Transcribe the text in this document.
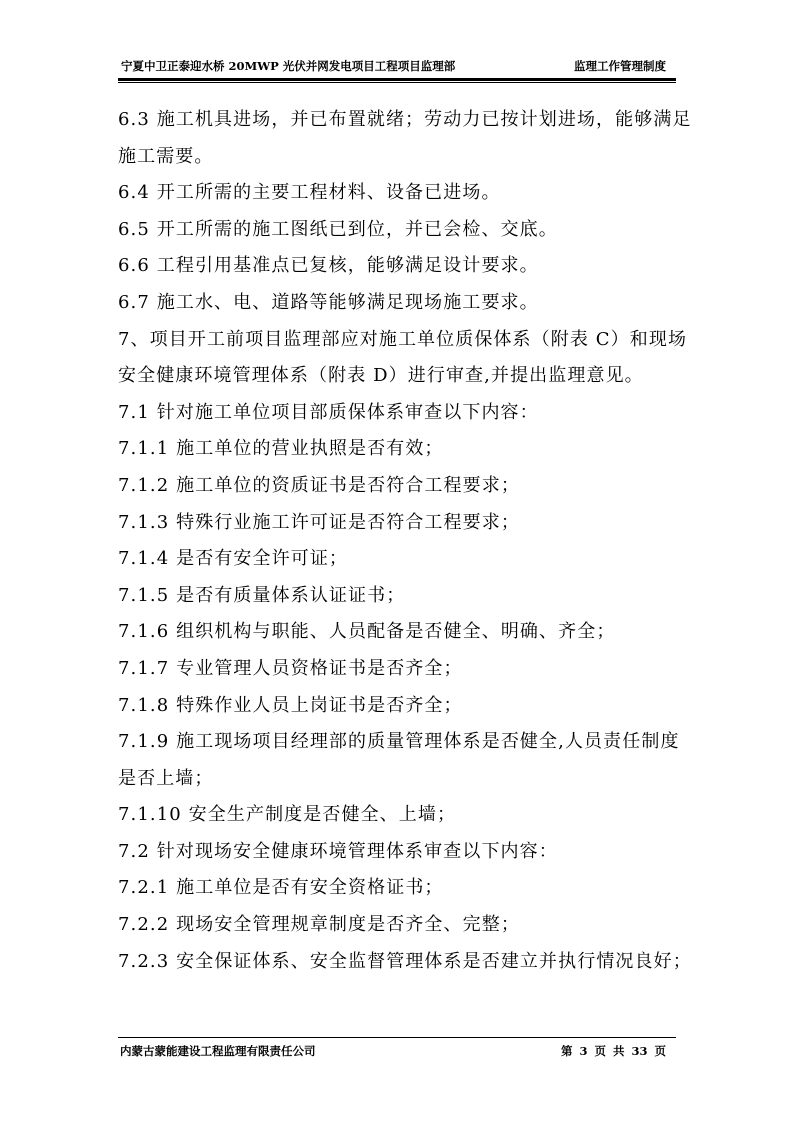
宁夏中卫正泰迎水桥 20MWP 光伏并网发电项目工程项目监理部	监理工作管理制度
6.3 施工机具进场，并已布置就绪；劳动力已按计划进场，能够满足
施工需要。
6.4 开工所需的主要工程材料、设备已进场。
6.5 开工所需的施工图纸已到位，并已会检、交底。
6.6 工程引用基准点已复核，能够满足设计要求。
6.7 施工水、电、道路等能够满足现场施工要求。
7、项目开工前项目监理部应对施工单位质保体系（附表 C）和现场
安全健康环境管理体系（附表 D）进行审查,并提出监理意见。
7.1 针对施工单位项目部质保体系审查以下内容：
7.1.1 施工单位的营业执照是否有效；
7.1.2 施工单位的资质证书是否符合工程要求；
7.1.3 特殊行业施工许可证是否符合工程要求；
7.1.4 是否有安全许可证；
7.1.5 是否有质量体系认证证书；
7.1.6 组织机构与职能、人员配备是否健全、明确、齐全；
7.1.7 专业管理人员资格证书是否齐全；
7.1.8 特殊作业人员上岗证书是否齐全；
7.1.9 施工现场项目经理部的质量管理体系是否健全,人员责任制度
是否上墙；
7.1.10 安全生产制度是否健全、上墙；
7.2 针对现场安全健康环境管理体系审查以下内容：
7.2.1 施工单位是否有安全资格证书；
7.2.2 现场安全管理规章制度是否齐全、完整；
7.2.3 安全保证体系、安全监督管理体系是否建立并执行情况良好；
内蒙古蒙能建设工程监理有限责任公司	第 3 页 共 33 页
